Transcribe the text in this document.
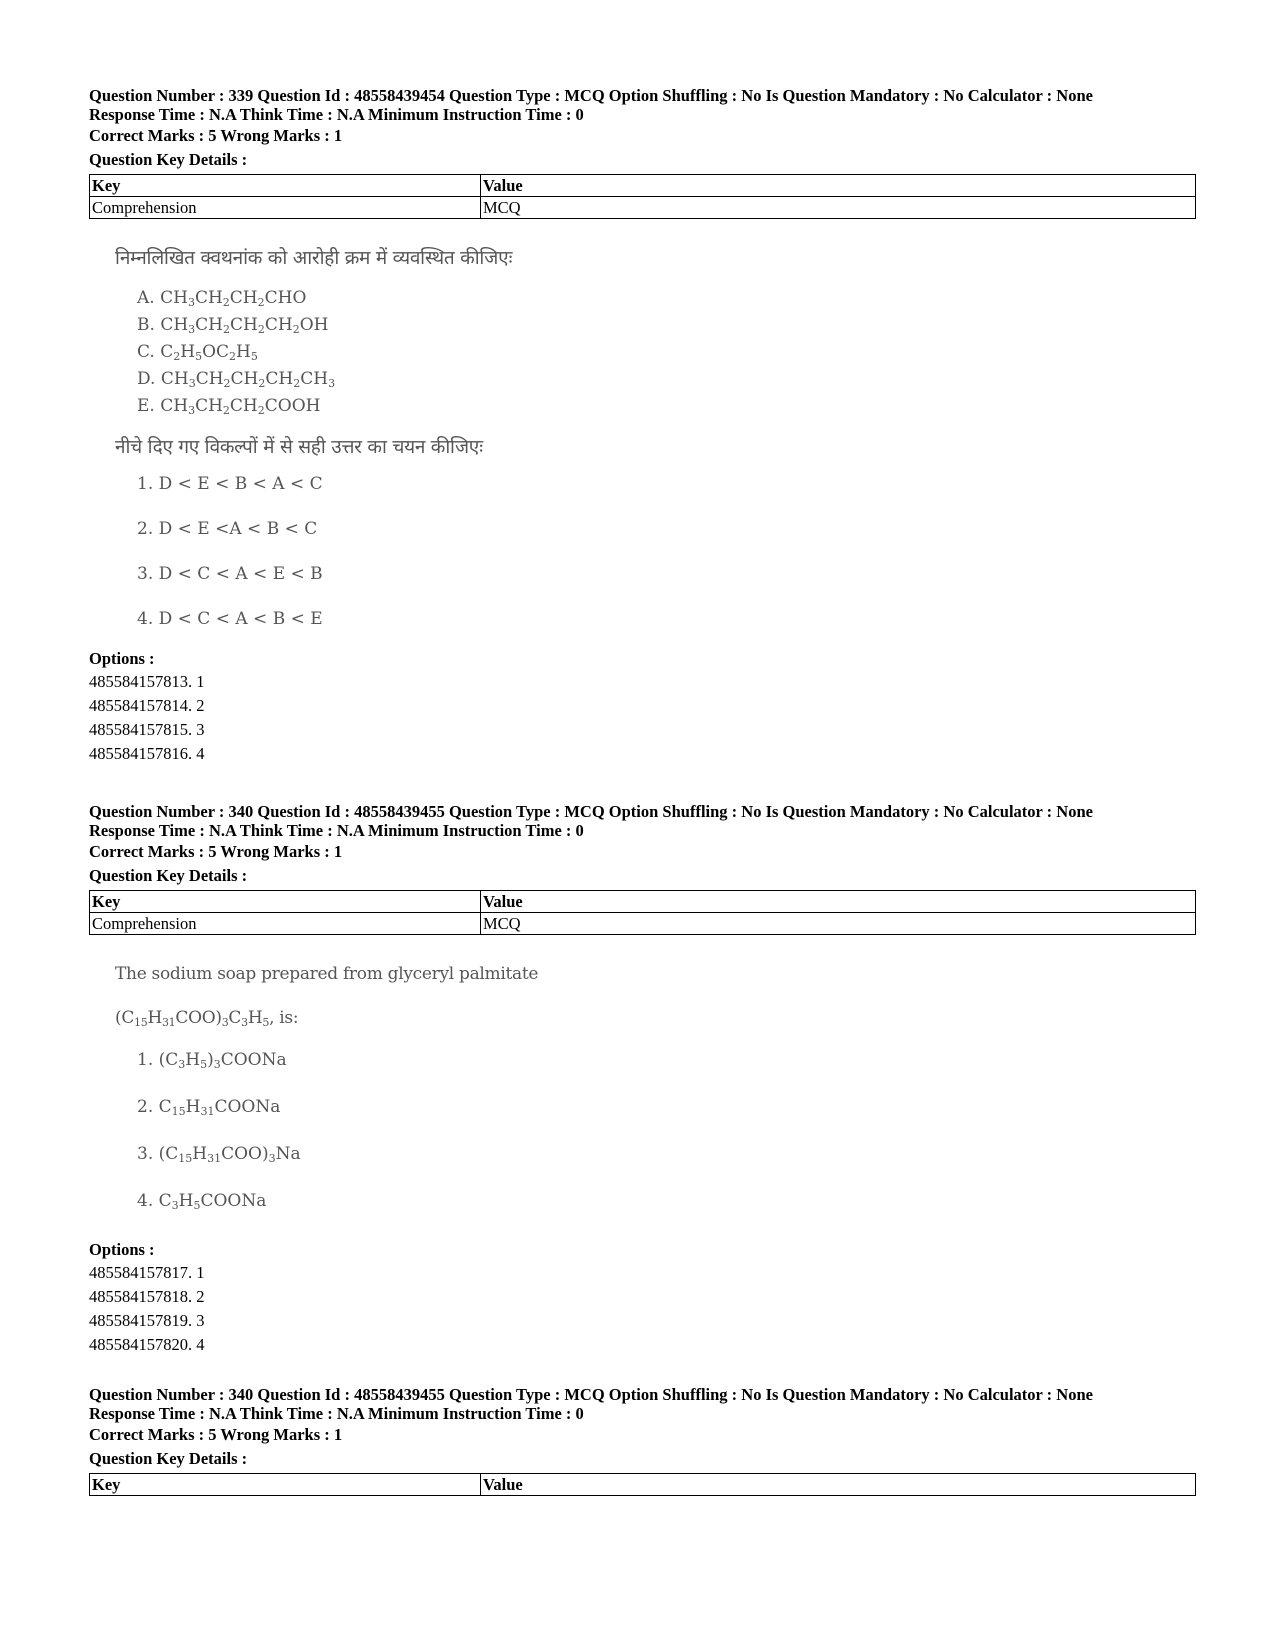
Question Number : 339 Question Id : 48558439454 Question Type : MCQ Option Shuffling : No Is Question Mandatory : No Calculator : None
Response Time : N.A Think Time : N.A Minimum Instruction Time : 0
Correct Marks : 5 Wrong Marks : 1
Question Key Details :
Key	Value
Comprehension	MCQ
निम्नलिखित क्वथनांक को आरोही क्रम में व्यवस्थित कीजिएः
A. $CH_3CH_2CH_2CHO$
B. $CH_3CH_2CH_2CH_2OH$
C. $C_2H_5OC_2H_5$
D. $CH_3CH_2CH_2CH_2CH_3$
E. $CH_3CH_2CH_2COOH$
नीचे दिए गए विकल्पों में से सही उत्तर का चयन कीजिएः
1. D < E < B < A < C
2. D < E <A < B < C
3. D < C < A < E < B
4. D < C < A < B < E
Options :
485584157813. 1
485584157814. 2
485584157815. 3
485584157816. 4
Question Number : 340 Question Id : 48558439455 Question Type : MCQ Option Shuffling : No Is Question Mandatory : No Calculator : None
Response Time : N.A Think Time : N.A Minimum Instruction Time : 0
Correct Marks : 5 Wrong Marks : 1
Question Key Details :
Key	Value
Comprehension	MCQ
The sodium soap prepared from glyceryl palmitate
$(C_{15}H_{31}COO)_3C_3H_5$, is:
1. $(C_3H_5)_3COONa$
2. $C_{15}H_{31}COONa$
3. $(C_{15}H_{31}COO)_3Na$
4. $C_3H_5COONa$
Options :
485584157817. 1
485584157818. 2
485584157819. 3
485584157820. 4
Question Number : 340 Question Id : 48558439455 Question Type : MCQ Option Shuffling : No Is Question Mandatory : No Calculator : None
Response Time : N.A Think Time : N.A Minimum Instruction Time : 0
Correct Marks : 5 Wrong Marks : 1
Question Key Details :
Key	Value
